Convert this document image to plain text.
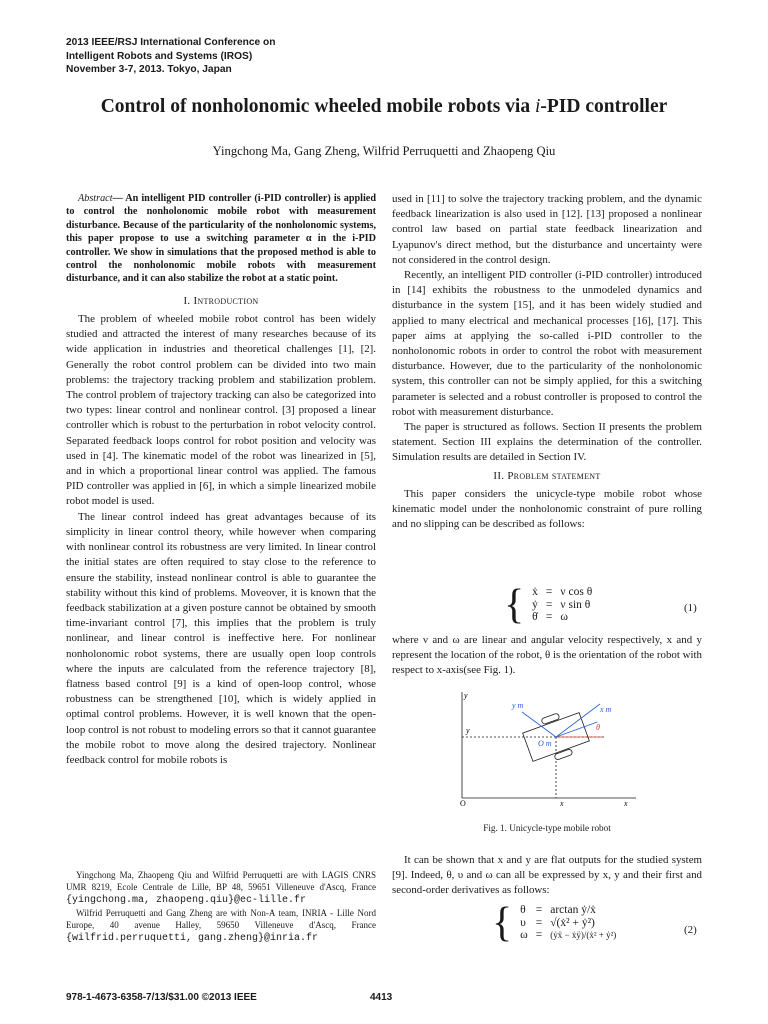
2013 IEEE/RSJ International Conference on
Intelligent Robots and Systems (IROS)
November 3-7, 2013. Tokyo, Japan
Control of nonholonomic wheeled mobile robots via i-PID controller
Yingchong Ma, Gang Zheng, Wilfrid Perruquetti and Zhaopeng Qiu

Abstract— An intelligent PID controller (i-PID controller) is applied to control the nonholonomic mobile robot with measurement disturbance. Because of the particularity of the nonholonomic systems, this paper propose to use a switching parameter α in the i-PID controller. We show in simulations that the proposed method is able to control the nonholonomic mobile robots with measurement disturbance, and it can also stabilize the robot at a static point.

I. Introduction

The problem of wheeled mobile robot control has been widely studied and attracted the interest of many researches because of its wide application in industries and theoretical challenges [1], [2]. Generally the robot control problem can be divided into two main problems: the trajectory tracking problem and stabilization problem. The control problem of trajectory tracking can also be categorized into two types: linear control and nonlinear control. [3] proposed a linear controller which is robust to the perturbation in robot velocity control. Separated feedback loops control for robot position and velocity was used in [4]. The kinematic model of the robot was linearized in [5], and in which a proportional linear control was applied. The famous PID controller was applied in [6], in which a simple linearized mobile robot model is used.

The linear control indeed has great advantages because of its simplicity in linear control theory, while however when comparing with nonlinear control its robustness are very limited. In linear control the initial states are often required to stay close to the reference to ensure the stability, instead nonlinear control is able to guarantee the stability without this kind of problems. Moveover, it is known that the feedback stabilization at a given posture cannot be obtained by smooth time-invariant control [7], this implies that the problem is truly nonlinear, and linear control is ineffective here. For nonlinear nonholonomic robot systems, there are usually open loop controls where the inputs are calculated from the reference trajectory [8], flatness based control [9] is a kind of open-loop control, whose robustness can be strengthened [10], which is widely applied in optimal control problems. However, it is well known that the open-loop control is not robust to modeling errors so that it cannot guarantee the mobile robot to move along the desired trajectory. Nonlinear feedback control for mobile robots is

Yingchong Ma, Zhaopeng Qiu and Wilfrid Perruquetti are with LAGIS CNRS UMR 8219, Ecole Centrale de Lille, BP 48, 59651 Villeneuve d'Ascq, France {yingchong.ma, zhaopeng.qiu}@ec-lille.fr

Wilfrid Perruquetti and Gang Zheng are with Non-A team, INRIA - Lille Nord Europe, 40 avenue Halley, 59650 Villeneuve d'Ascq, France {wilfrid.perruquetti, gang.zheng}@inria.fr

used in [11] to solve the trajectory tracking problem, and the dynamic feedback linearization is also used in [12]. [13] proposed a nonlinear control law based on partial state feedback linearization and Lyapunov's direct method, but the disturbance and uncertainty were not considered in the control design.

Recently, an intelligent PID controller (i-PID controller) introduced in [14] exhibits the robustness to the unmodeled dynamics and disturbance in the system [15], and it has been widely studied and applied to many electrical and mechanical processes [16], [17]. This paper aims at applying the so-called i-PID controller to the nonholonomic robots in order to control the robot with measurement disturbance. However, due to the particularity of the nonholonomic system, this controller can not be simply applied, for this a switching parameter is selected and a robust controller is proposed to control the robot with measurement disturbance.

The paper is structured as follows. Section II presents the problem statement. Section III explains the determination of the controller. Simulation results are detailed in Section IV.

II. Problem statement

This paper considers the unicycle-type mobile robot whose kinematic model under the nonholonomic constraint of pure rolling and no slipping can be described as follows:

{	ẋ	=	ν cos θ
	ẏ	=	ν sin θ
	θ̇	=	ω
(1)

where ν and ω are linear and angular velocity respectively, x and y represent the location of the robot, θ is the orientation of the robot with respect to x-axis(see Fig. 1).

y
y
O	x	x
y m	x m
O m
θ
Fig. 1. Unicycle-type mobile robot

It can be shown that x and y are flat outputs for the studied system [9]. Indeed, θ, υ and ω can all be expressed by x, y and their first and second-order derivatives as follows:

{	θ	=	arctan ẏ/ẋ
	υ	=	√(ẋ² + ẏ²)
	ω	=	(ẏẍ − ẋÿ)/(ẋ² + ẏ²)	(2)
978-1-4673-6358-7/13/$31.00 ©2013 IEEE	4413
